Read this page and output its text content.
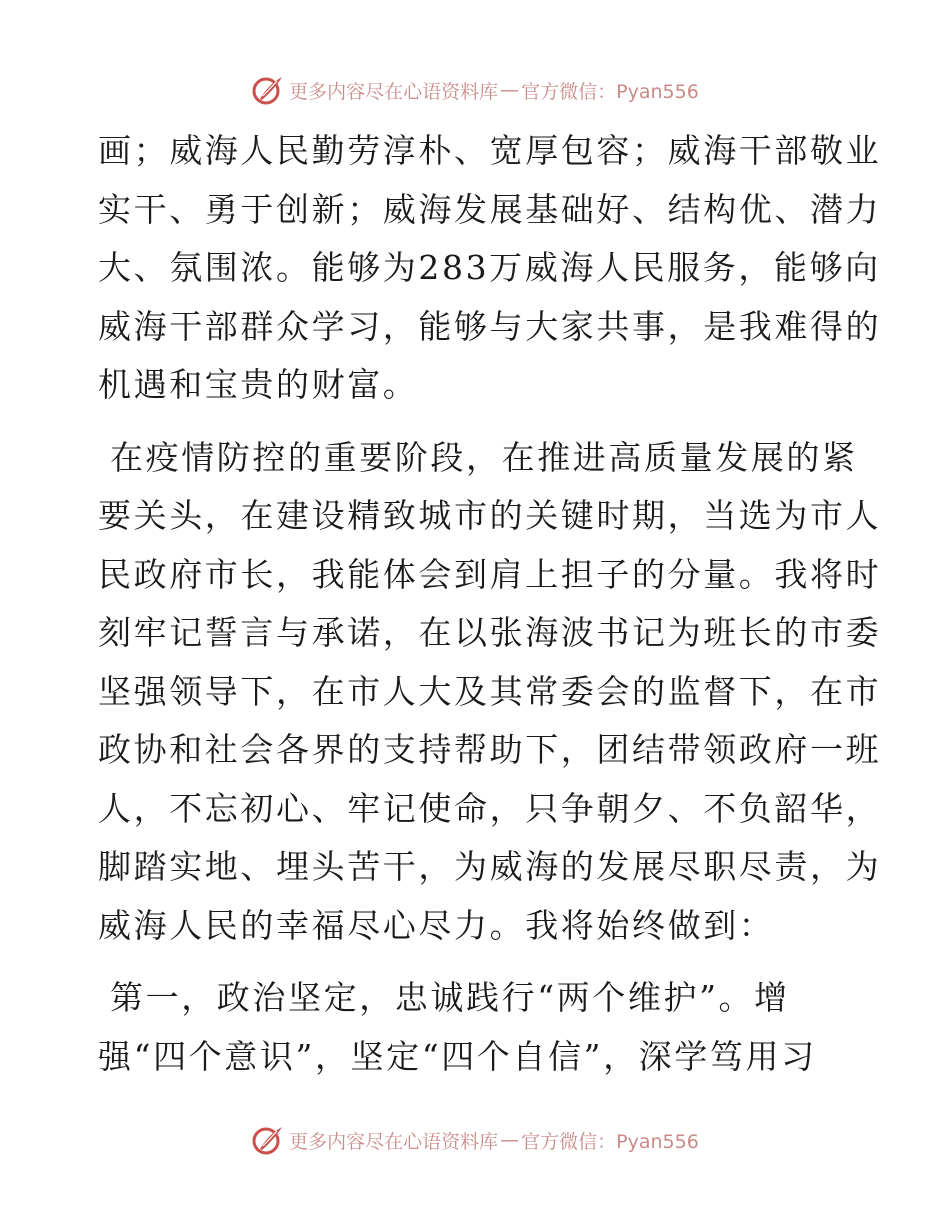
更多内容尽在心语资料库 — 官方微信：Pyan556
画；威海人民勤劳淳朴、宽厚包容；威海干部敬业
实干、勇于创新；威海发展基础好、结构优、潜力
大、氛围浓。能够为283万威海人民服务，能够向
威海干部群众学习，能够与大家共事，是我难得的
机遇和宝贵的财富。
在疫情防控的重要阶段，在推进高质量发展的紧
要关头，在建设精致城市的关键时期，当选为市人
民政府市长，我能体会到肩上担子的分量。我将时
刻牢记誓言与承诺，在以张海波书记为班长的市委
坚强领导下，在市人大及其常委会的监督下，在市
政协和社会各界的支持帮助下，团结带领政府一班
人，不忘初心、牢记使命，只争朝夕、不负韶华，
脚踏实地、埋头苦干，为威海的发展尽职尽责，为
威海人民的幸福尽心尽力。我将始终做到：
第一，政治坚定，忠诚践行“两个维护”。增
强“四个意识”，坚定“四个自信”，深学笃用习
更多内容尽在心语资料库 — 官方微信：Pyan556
